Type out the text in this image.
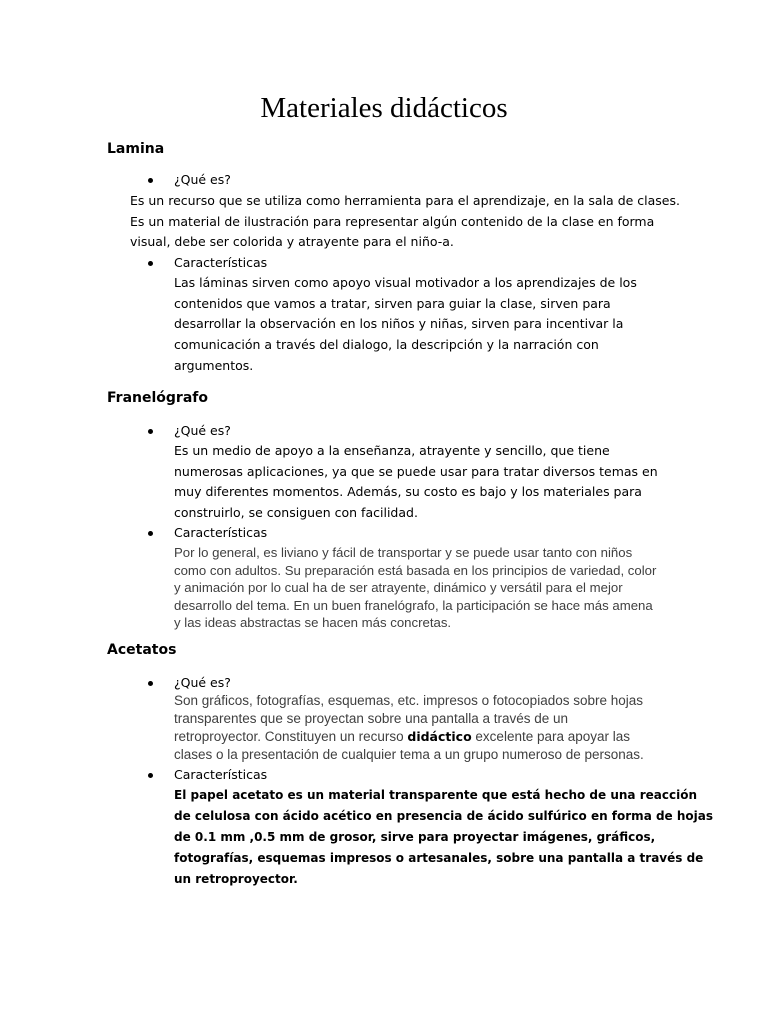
Materiales didácticos
Lamina
¿Qué es?

Es un recurso que se utiliza como herramienta para el aprendizaje, en la sala de clases.
Es un material de ilustración para representar algún contenido de la clase en forma
visual, debe ser colorida y atrayente para el niño-a.

Características

Las láminas sirven como apoyo visual motivador a los aprendizajes de los
contenidos que vamos a tratar, sirven para guiar la clase, sirven para
desarrollar la observación en los niños y niñas, sirven para incentivar la
comunicación a través del dialogo, la descripción y la narración con
argumentos.

Franelógrafo
¿Qué es?

Es un medio de apoyo a la enseñanza, atrayente y sencillo, que tiene
numerosas aplicaciones, ya que se puede usar para tratar diversos temas en
muy diferentes momentos. Además, su costo es bajo y los materiales para
construirlo, se consiguen con facilidad.

Características

Por lo general, es liviano y fácil de transportar y se puede usar tanto con niños
como con adultos. Su preparación está basada en los principios de variedad, color
y animación por lo cual ha de ser atrayente, dinámico y versátil para el mejor
desarrollo del tema. En un buen franelógrafo, la participación se hace más amena
y las ideas abstractas se hacen más concretas.

Acetatos
¿Qué es?

Son gráficos, fotografías, esquemas, etc. impresos o fotocopiados sobre hojas
transparentes que se proyectan sobre una pantalla a través de un
retroproyector. Constituyen un recurso didáctico excelente para apoyar las
clases o la presentación de cualquier tema a un grupo numeroso de personas.

Características

El papel acetato es un material transparente que está hecho de una reacción
de celulosa con ácido acético en presencia de ácido sulfúrico en forma de hojas
de 0.1 mm ,0.5 mm de grosor, sirve para proyectar imágenes, gráficos,
fotografías, esquemas impresos o artesanales, sobre una pantalla a través de
un retroproyector.
